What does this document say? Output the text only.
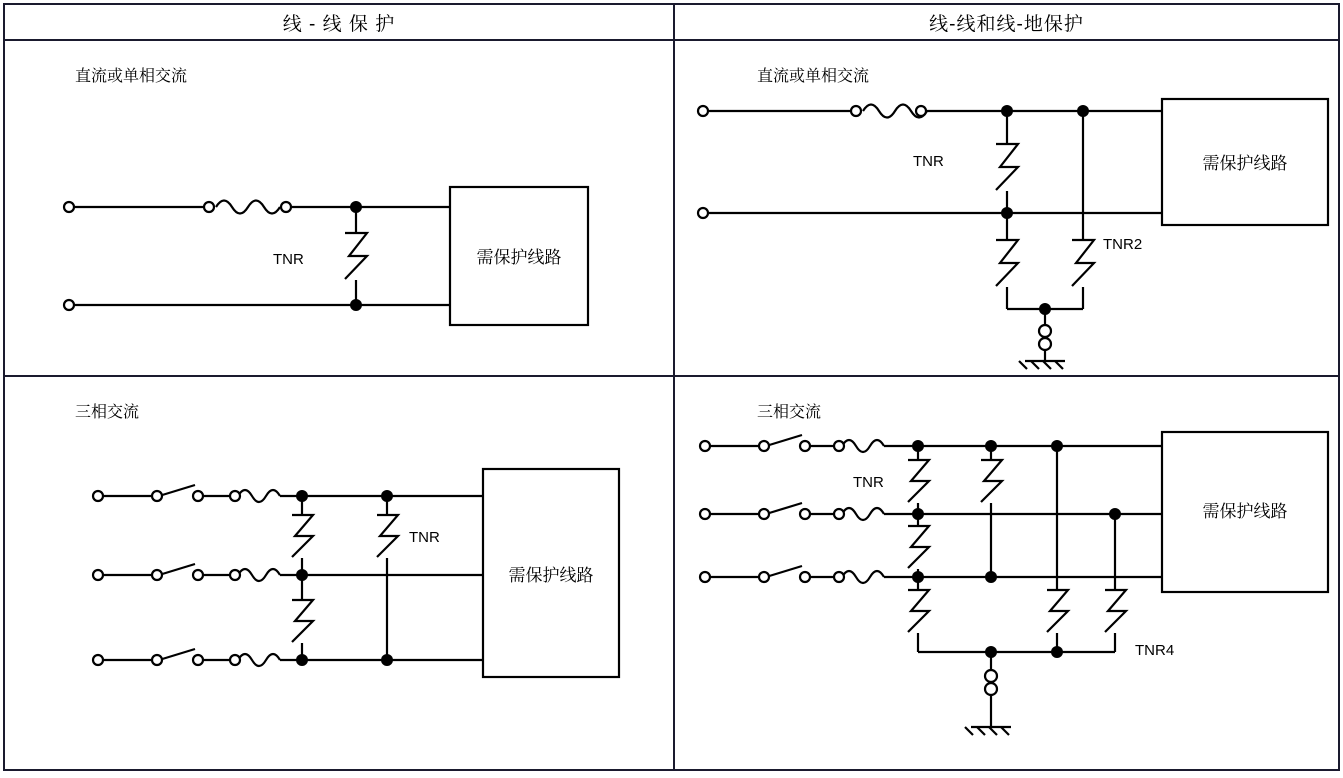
线 - 线 保 护	线-线和线-地保护
直流或单相交流
TNR	需保护线路
直流或单相交流
TNR
TNR2
需保护线路
三相交流
TNR
需保护线路
三相交流
TNR
TNR4
需保护线路
